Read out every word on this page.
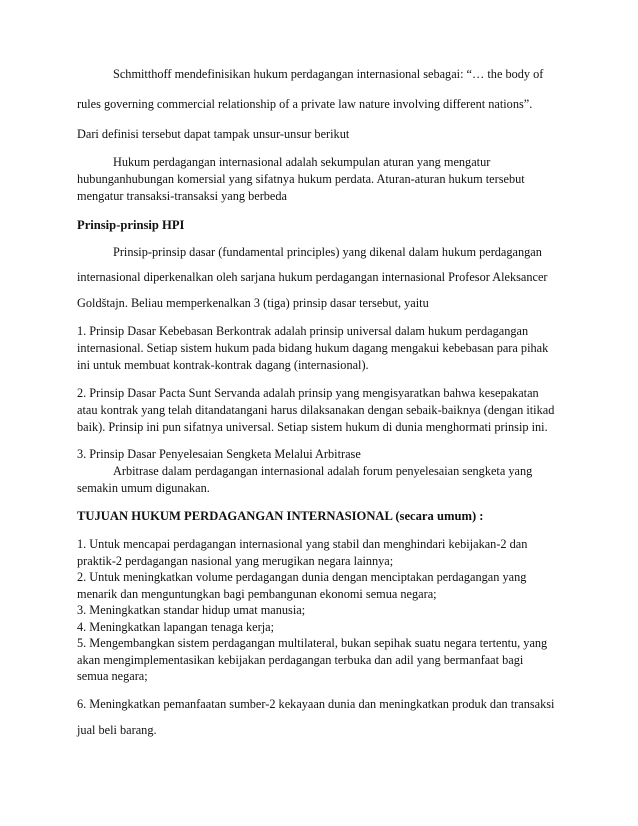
Schmitthoff mendefinisikan hukum perdagangan internasional sebagai: “… the body of
rules governing commercial relationship of a private law nature involving different nations”.
Dari definisi tersebut dapat tampak unsur-unsur berikut
Hukum perdagangan internasional adalah sekumpulan aturan yang mengatur
hubunganhubungan komersial yang sifatnya hukum perdata. Aturan-aturan hukum tersebut
mengatur transaksi-transaksi yang berbeda
Prinsip-prinsip HPI
Prinsip-prinsip dasar (fundamental principles) yang dikenal dalam hukum perdagangan
internasional diperkenalkan oleh sarjana hukum perdagangan internasional Profesor Aleksancer
Goldštajn. Beliau memperkenalkan 3 (tiga) prinsip dasar tersebut, yaitu
1. Prinsip Dasar Kebebasan Berkontrak adalah prinsip universal dalam hukum perdagangan
internasional. Setiap sistem hukum pada bidang hukum dagang mengakui kebebasan para pihak
ini untuk membuat kontrak-kontrak dagang (internasional).
2. Prinsip Dasar Pacta Sunt Servanda adalah prinsip yang mengisyaratkan bahwa kesepakatan
atau kontrak yang telah ditandatangani harus dilaksanakan dengan sebaik-baiknya (dengan itikad
baik). Prinsip ini pun sifatnya universal. Setiap sistem hukum di dunia menghormati prinsip ini.
3. Prinsip Dasar Penyelesaian Sengketa Melalui Arbitrase
Arbitrase dalam perdagangan internasional adalah forum penyelesaian sengketa yang
semakin umum digunakan.
TUJUAN HUKUM PERDAGANGAN INTERNASIONAL (secara umum) :
1. Untuk mencapai perdagangan internasional yang stabil dan menghindari kebijakan-2 dan
praktik-2 perdagangan nasional yang merugikan negara lainnya;
2. Untuk meningkatkan volume perdagangan dunia dengan menciptakan perdagangan yang
menarik dan menguntungkan bagi pembangunan ekonomi semua negara;
3. Meningkatkan standar hidup umat manusia;
4. Meningkatkan lapangan tenaga kerja;
5. Mengembangkan sistem perdagangan multilateral, bukan sepihak suatu negara tertentu, yang
akan mengimplementasikan kebijakan perdagangan terbuka dan adil yang bermanfaat bagi
semua negara;
6. Meningkatkan pemanfaatan sumber-2 kekayaan dunia dan meningkatkan produk dan transaksi
jual beli barang.
